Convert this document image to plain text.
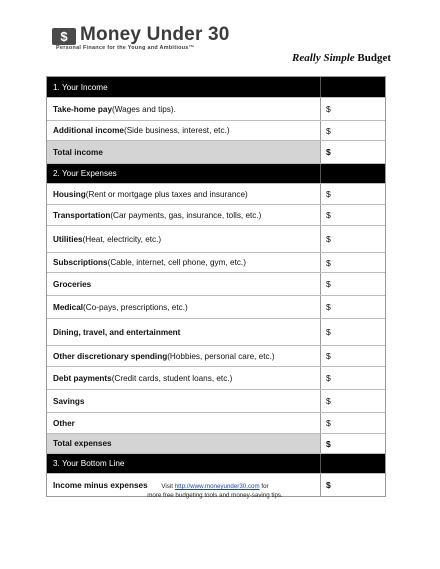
$ Money Under 30
Personal Finance for the Young and Ambitious™
Really Simple Budget
1. Your Income
Take-home pay (Wages and tips).	$
Additional income (Side business, interest, etc.)	$
Total income	$
2. Your Expenses
Housing (Rent or mortgage plus taxes and insurance)	$
Transportation (Car payments, gas, insurance, tolls, etc.)	$
Utilities (Heat, electricity, etc.)	$
Subscriptions (Cable, internet, cell phone, gym, etc.)	$
Groceries	$
Medical (Co-pays, prescriptions, etc.)	$
Dining, travel, and entertainment	$
Other discretionary spending (Hobbies, personal care, etc.)	$
Debt payments (Credit cards, student loans, etc.)	$
Savings	$
Other	$
Total expenses	$
3. Your Bottom Line
Income minus expenses	$
Visit http://www.moneyunder30.com for
more free budgeting tools and money-saving tips.
